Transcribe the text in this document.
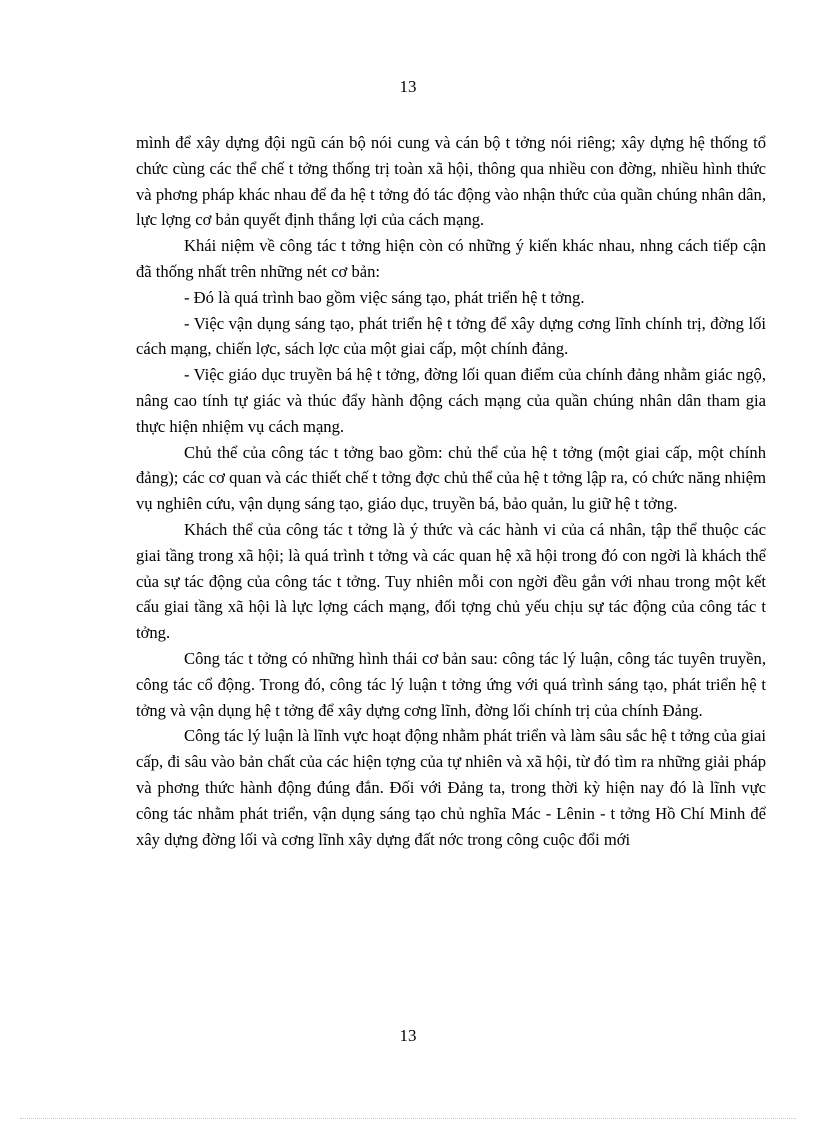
13

mình để xây dựng đội ngũ cán bộ nói cung và cán bộ t tởng nói riêng; xây dựng hệ thống tổ chức cùng các thể chế t tởng thống trị toàn xã hội, thông qua nhiều con đờng, nhiều hình thức và phơng pháp khác nhau để đa hệ t tởng đó tác động vào nhận thức của quần chúng nhân dân, lực lợng cơ bản quyết định thắng lợi của cách mạng.

Khái niệm về công tác t tởng hiện còn có những ý kiến khác nhau, nhng cách tiếp cận đã thống nhất trên những nét cơ bản:

- Đó là quá trình bao gồm việc sáng tạo, phát triển hệ t tởng.

- Việc vận dụng sáng tạo, phát triển hệ t tởng để xây dựng cơng lĩnh chính trị, đờng lối cách mạng, chiến lợc, sách lợc của một giai cấp, một chính đảng.

- Việc giáo dục truyền bá hệ t tởng, đờng lối quan điểm của chính đảng nhằm giác ngộ, nâng cao tính tự giác và thúc đẩy hành động cách mạng của quần chúng nhân dân tham gia thực hiện nhiệm vụ cách mạng.

Chủ thể của công tác t tởng bao gồm: chủ thể của hệ t tởng (một giai cấp, một chính đảng); các cơ quan và các thiết chế t tởng đợc chủ thể của hệ t tởng lập ra, có chức năng nhiệm vụ nghiên cứu, vận dụng sáng tạo, giáo dục, truyền bá, bảo quản, lu giữ hệ t tởng.

Khách thể của công tác t tởng là ý thức và các hành vi của cá nhân, tập thể thuộc các giai tầng trong xã hội; là quá trình t tởng và các quan hệ xã hội trong đó con ngời là khách thể của sự tác động của công tác t tởng. Tuy nhiên mỗi con ngời đều gắn với nhau trong một kết cấu giai tầng xã hội là lực lợng cách mạng, đối tợng chủ yếu chịu sự tác động của công tác t tởng.

Công tác t tởng có những hình thái cơ bản sau: công tác lý luận, công tác tuyên truyền, công tác cổ động. Trong đó, công tác lý luận t tởng ứng với quá trình sáng tạo, phát triển hệ t tởng và vận dụng hệ t tởng để xây dựng cơng lĩnh, đờng lối chính trị của chính Đảng.

Công tác lý luận là lĩnh vực hoạt động nhằm phát triển và làm sâu sắc hệ t tởng của giai cấp, đi sâu vào bản chất của các hiện tợng của tự nhiên và xã hội, từ đó tìm ra những giải pháp và phơng thức hành động đúng đắn. Đối với Đảng ta, trong thời kỳ hiện nay đó là lĩnh vực công tác nhằm phát triển, vận dụng sáng tạo chủ nghĩa Mác - Lênin - t tởng Hồ Chí Minh để xây dựng đờng lối và cơng lĩnh xây dựng đất nớc trong công cuộc đổi mới

13
